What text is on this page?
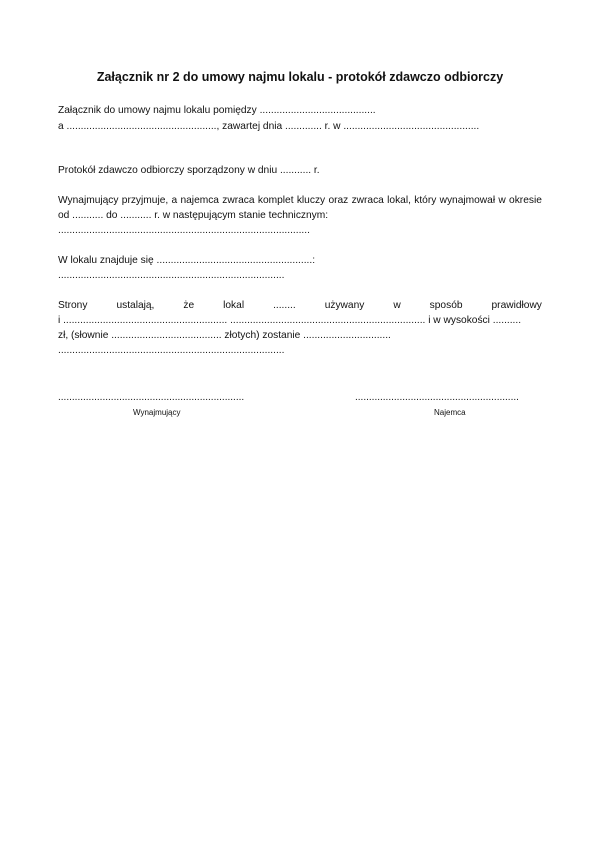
Załącznik nr 2 do umowy najmu lokalu - protokół zdawczo odbiorczy
Załącznik do umowy najmu lokalu pomiędzy .........................................
a ....................................................., zawartej dnia ............. r. w ................................................
Protokół zdawczo odbiorczy sporządzony w dniu ........... r.
Wynajmujący przyjmuje, a najemca zwraca komplet kluczy oraz zwraca lokal, który wynajmował w okresie
od ........... do ........... r. w następującym stanie technicznym:
.........................................................................................
W lokalu znajduje się .......................................................:
................................................................................
Strony	ustalają,	że	lokal	........	używany	w	sposób	prawidłowy
i .......................................................... ..................................................................... i w wysokości ..........
zł, (słownie ....................................... złotych) zostanie ...............................
................................................................................
...................................................................
Wynajmujący
...........................................................
Najemca
